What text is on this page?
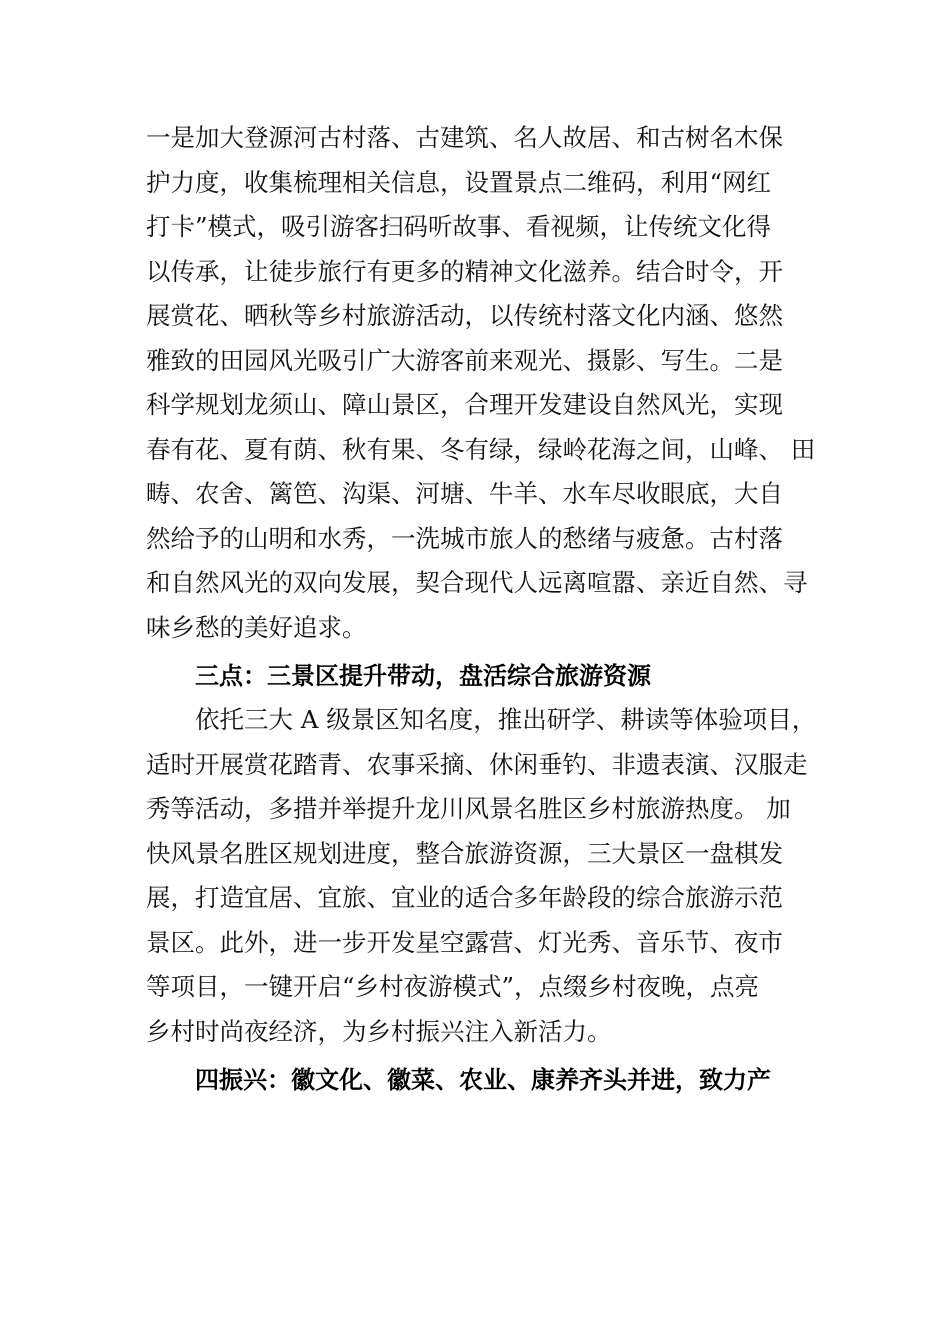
一是加大登源河古村落、古建筑、名人故居、和古树名木保
护力度，收集梳理相关信息，设置景点二维码，利用“网红
打卡”模式，吸引游客扫码听故事、看视频，让传统文化得
以传承，让徒步旅行有更多的精神文化滋养。结合时令，开
展赏花、晒秋等乡村旅游活动，以传统村落文化内涵、悠然
雅致的田园风光吸引广大游客前来观光、摄影、写生。二是
科学规划龙须山、障山景区，合理开发建设自然风光，实现
春有花、夏有荫、秋有果、冬有绿，绿岭花海之间，山峰、 田
畴、农舍、篱笆、沟渠、河塘、牛羊、水车尽收眼底，大自
然给予的山明和水秀，一洗城市旅人的愁绪与疲惫。古村落
和自然风光的双向发展，契合现代人远离喧嚣、亲近自然、寻
味乡愁的美好追求。
三点：三景区提升带动，盘活综合旅游资源
依托三大 A 级景区知名度，推出研学、耕读等体验项目，
适时开展赏花踏青、农事采摘、休闲垂钓、非遗表演、汉服走
秀等活动，多措并举提升龙川风景名胜区乡村旅游热度。 加
快风景名胜区规划进度，整合旅游资源，三大景区一盘棋发
展，打造宜居、宜旅、宜业的适合多年龄段的综合旅游示范
景区。此外，进一步开发星空露营、灯光秀、音乐节、夜市
等项目，一键开启“乡村夜游模式”，点缀乡村夜晚，点亮
乡村时尚夜经济，为乡村振兴注入新活力。
四振兴：徽文化、徽菜、农业、康养齐头并进，致力产
